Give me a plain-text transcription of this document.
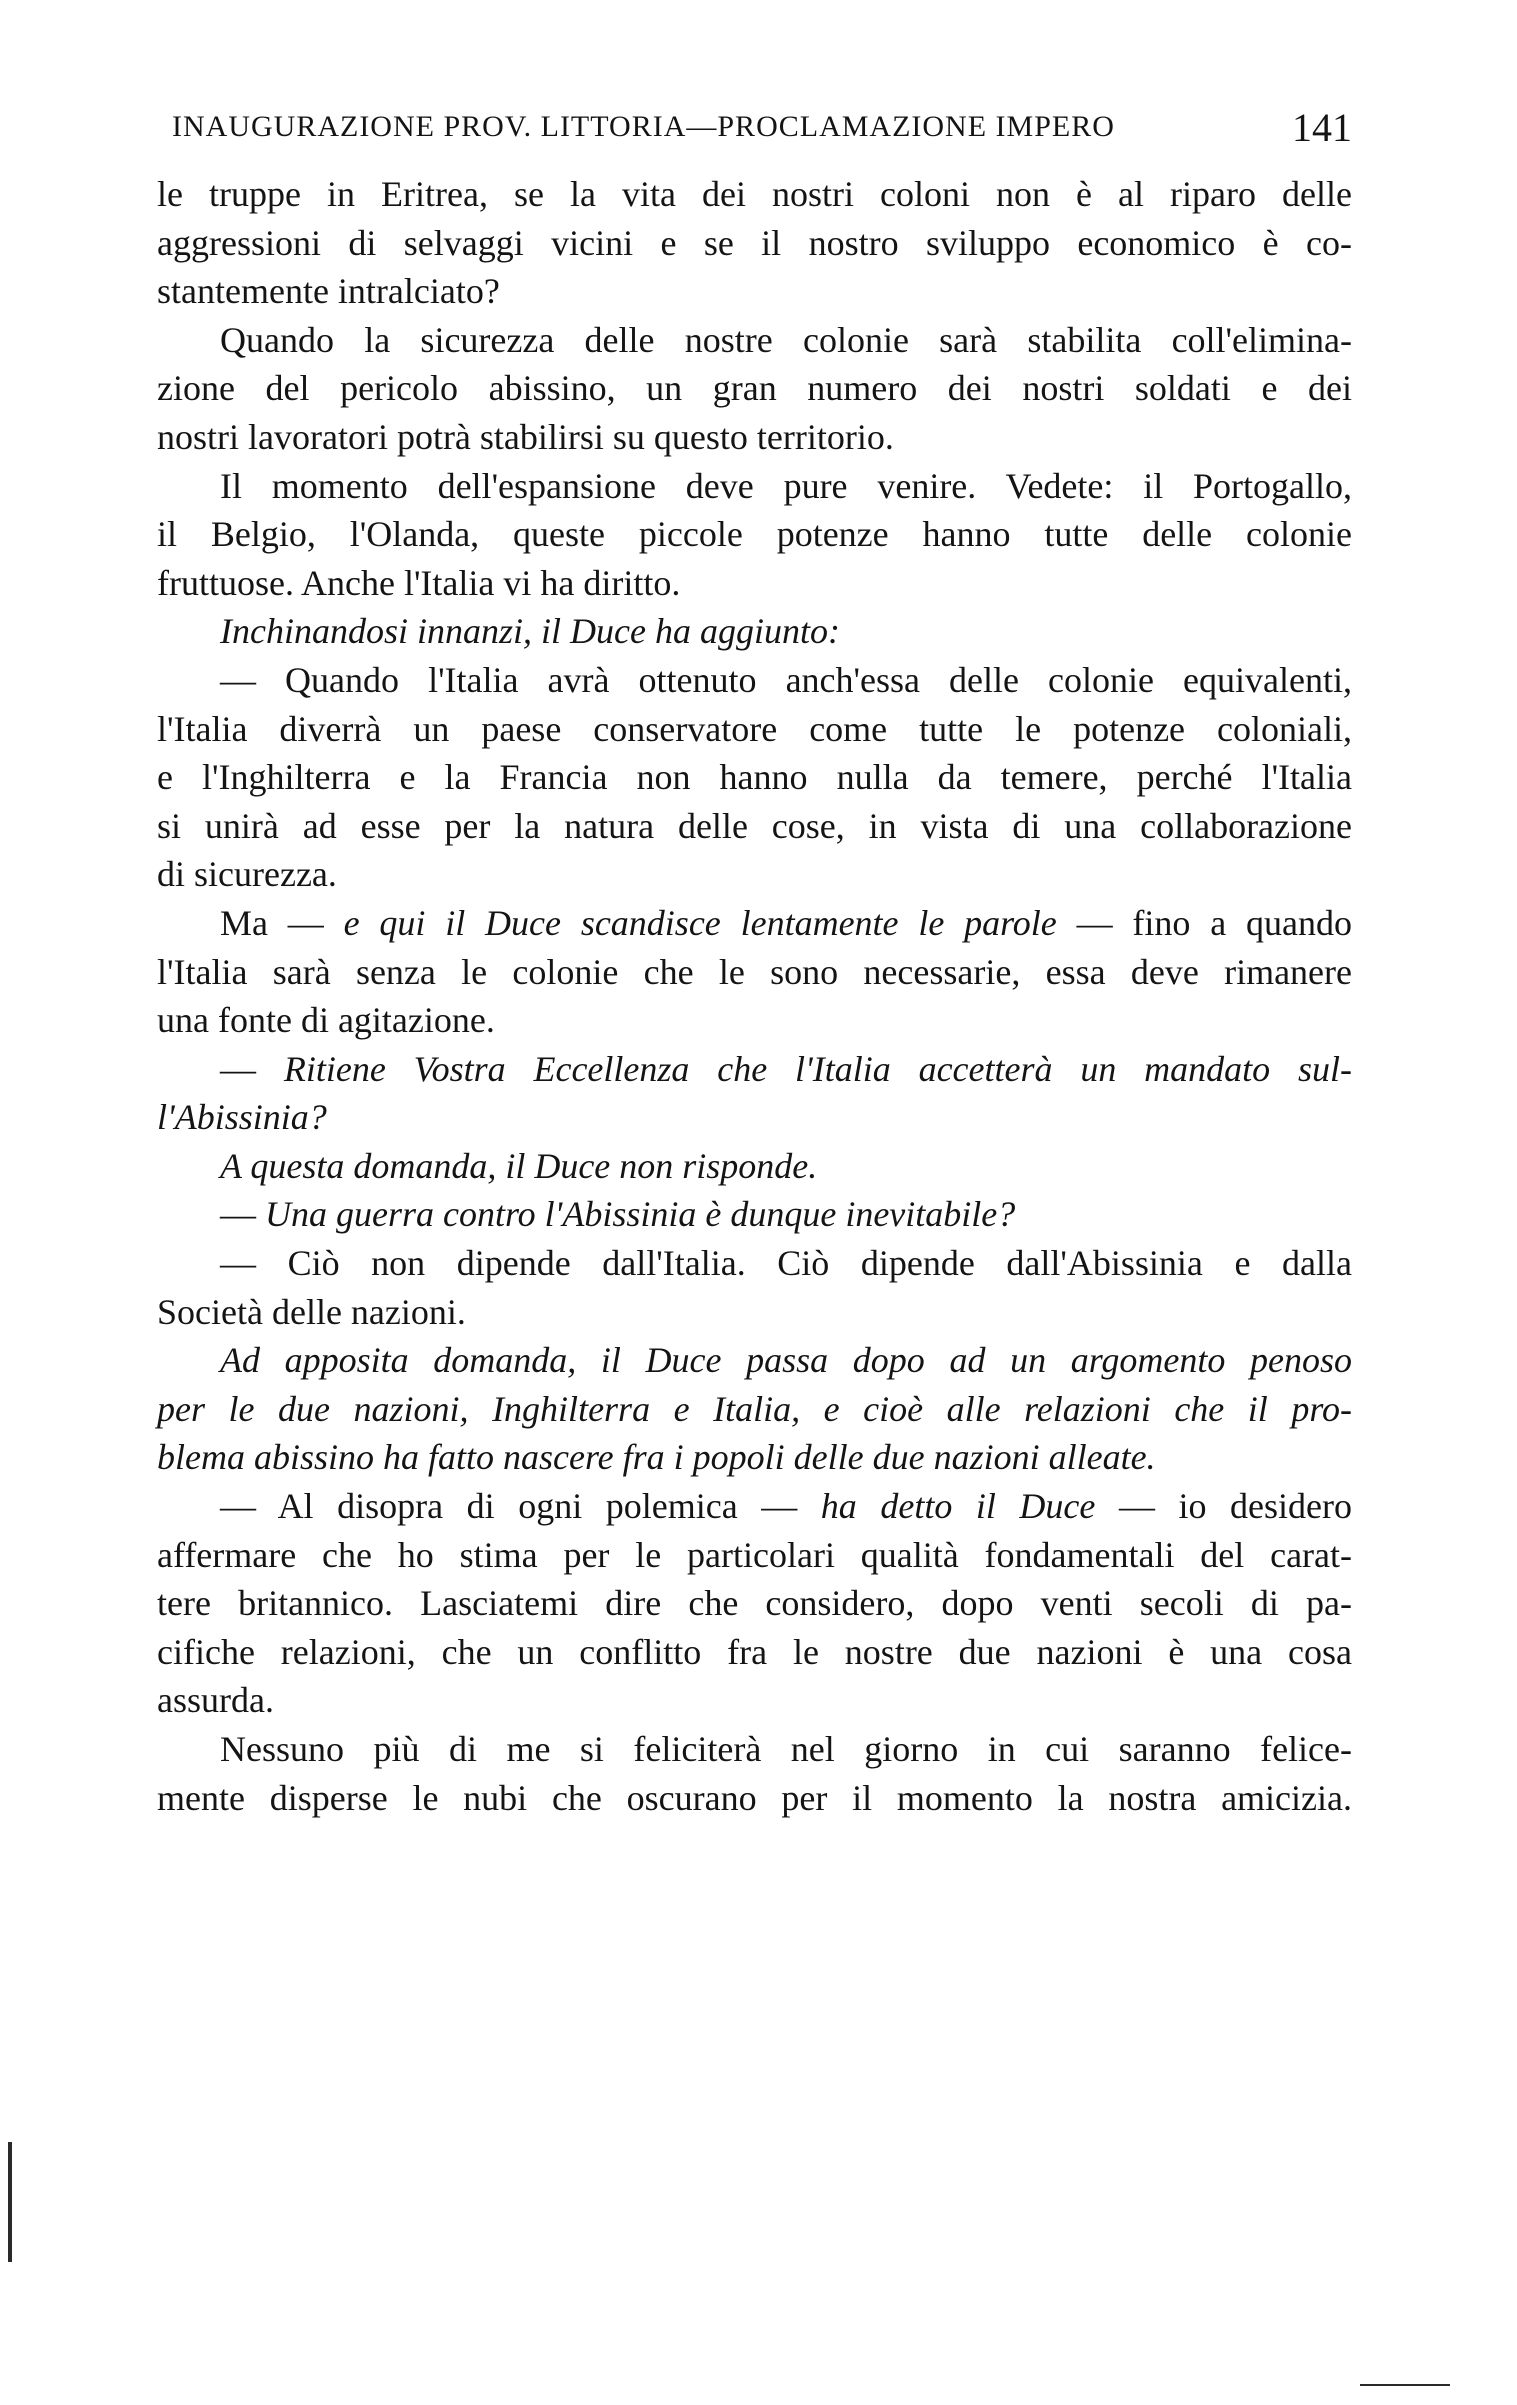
INAUGURAZIONE PROV. LITTORIA—PROCLAMAZIONE IMPERO	141
le truppe in Eritrea, se la vita dei nostri coloni non è al riparo delle
aggressioni di selvaggi vicini e se il nostro sviluppo economico è co-
stantemente intralciato?
Quando la sicurezza delle nostre colonie sarà stabilita coll'elimina-
zione del pericolo abissino, un gran numero dei nostri soldati e dei
nostri lavoratori potrà stabilirsi su questo territorio.
Il momento dell'espansione deve pure venire. Vedete: il Portogallo,
il Belgio, l'Olanda, queste piccole potenze hanno tutte delle colonie
fruttuose. Anche l'Italia vi ha diritto.
Inchinandosi innanzi, il Duce ha aggiunto:
— Quando l'Italia avrà ottenuto anch'essa delle colonie equivalenti,
l'Italia diverrà un paese conservatore come tutte le potenze coloniali,
e l'Inghilterra e la Francia non hanno nulla da temere, perché l'Italia
si unirà ad esse per la natura delle cose, in vista di una collaborazione
di sicurezza.
Ma — e qui il Duce scandisce lentamente le parole — fino a quando
l'Italia sarà senza le colonie che le sono necessarie, essa deve rimanere
una fonte di agitazione.
— Ritiene Vostra Eccellenza che l'Italia accetterà un mandato sul-
l'Abissinia?
A questa domanda, il Duce non risponde.
— Una guerra contro l'Abissinia è dunque inevitabile?
— Ciò non dipende dall'Italia. Ciò dipende dall'Abissinia e dalla
Società delle nazioni.
Ad apposita domanda, il Duce passa dopo ad un argomento penoso
per le due nazioni, Inghilterra e Italia, e cioè alle relazioni che il pro-
blema abissino ha fatto nascere fra i popoli delle due nazioni alleate.
— Al disopra di ogni polemica — ha detto il Duce — io desidero
affermare che ho stima per le particolari qualità fondamentali del carat-
tere britannico. Lasciatemi dire che considero, dopo venti secoli di pa-
cifiche relazioni, che un conflitto fra le nostre due nazioni è una cosa
assurda.
Nessuno più di me si feliciterà nel giorno in cui saranno felice-
mente disperse le nubi che oscurano per il momento la nostra amicizia.
